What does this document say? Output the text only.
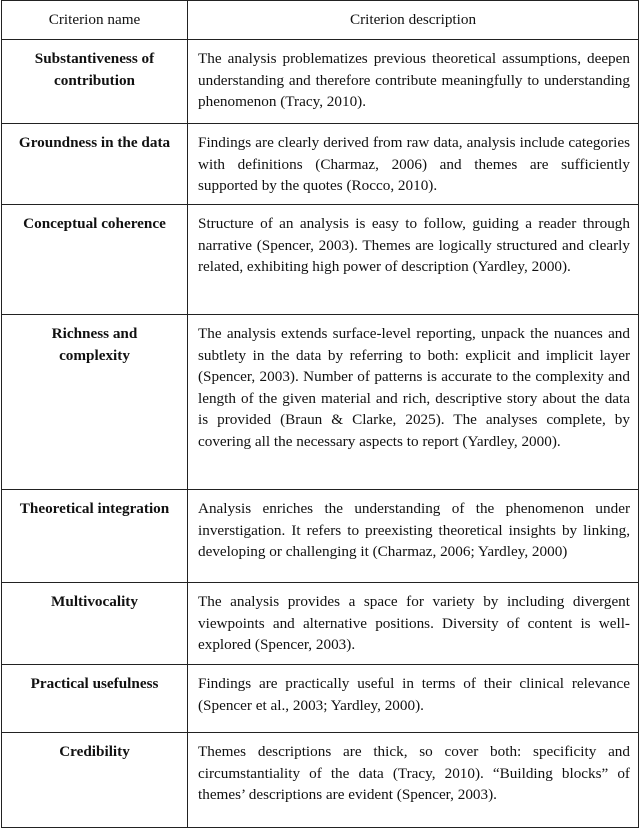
Criterion name	Criterion description
Substantiveness of contribution	The analysis problematizes previous theoretical assumptions, deepen understanding and therefore contribute meaningfully to understanding phenomenon (Tracy, 2010).
Groundness in the data	Findings are clearly derived from raw data, analysis include categories with definitions (Charmaz, 2006) and themes are sufficiently supported by the quotes (Rocco, 2010).
Conceptual coherence	Structure of an analysis is easy to follow, guiding a reader through narrative (Spencer, 2003). Themes are logically structured and clearly related, exhibiting high power of description (Yardley, 2000).
Richness and complexity	The analysis extends surface-level reporting, unpack the nuances and subtlety in the data by referring to both: explicit and implicit layer (Spencer, 2003). Number of patterns is accurate to the complexity and length of the given material and rich, descriptive story about the data is provided (Braun & Clarke, 2025). The analyses complete, by covering all the necessary aspects to report (Yardley, 2000).
Theoretical integration	Analysis enriches the understanding of the phenomenon under inverstigation. It refers to preexisting theoretical insights by linking, developing or challenging it (Charmaz, 2006; Yardley, 2000)
Multivocality	The analysis provides a space for variety by including divergent viewpoints and alternative positions. Diversity of content is well-explored (Spencer, 2003).
Practical usefulness	Findings are practically useful in terms of their clinical relevance (Spencer et al., 2003; Yardley, 2000).
Credibility	Themes descriptions are thick, so cover both: specificity and circumstantiality of the data (Tracy, 2010). “Building blocks” of themes’ descriptions are evident (Spencer, 2003).
